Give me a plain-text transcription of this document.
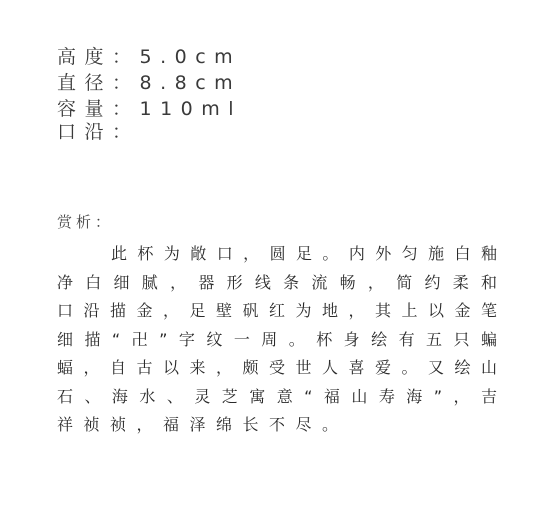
高度：5.0cm
直径：8.8cm
容量：110ml
口沿：
赏析：
此杯为敞口，圆足。内外匀施白釉
净白细腻，器形线条流畅，简约柔和
口沿描金，足壁矾红为地，其上以金笔
细描“卍”字纹一周。杯身绘有五只蝙
蝠，自古以来，颇受世人喜爱。又绘山
石、海水、灵芝寓意“福山寿海”，吉
祥祯祯，福泽绵长不尽。
